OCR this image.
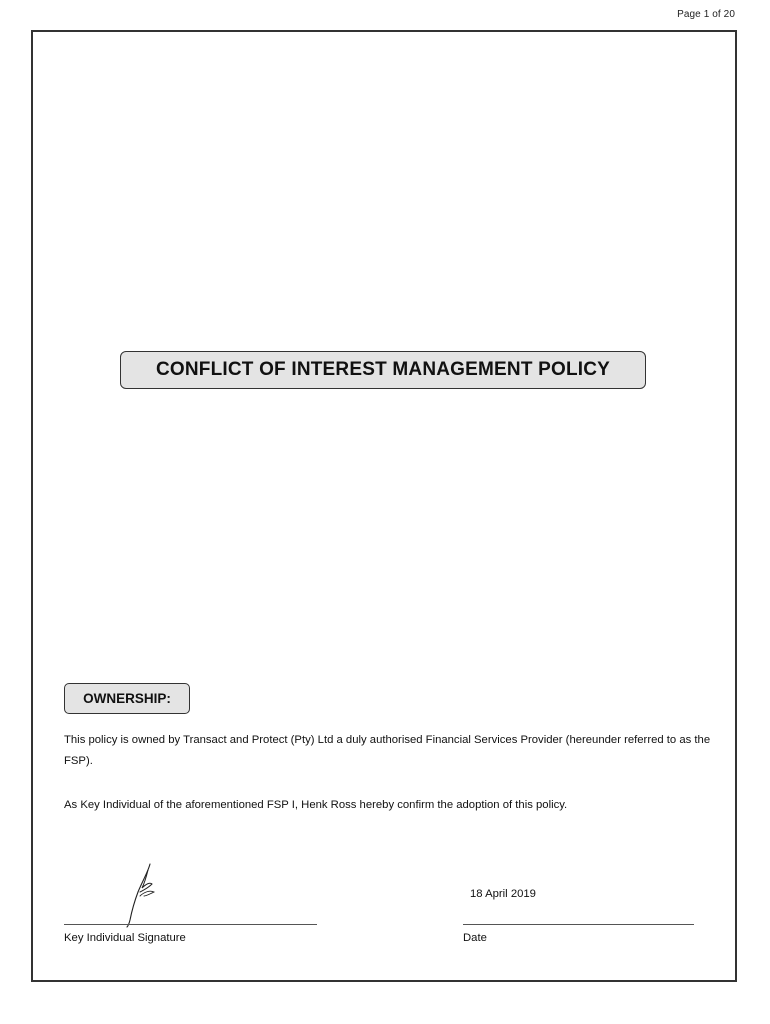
Page 1 of 20
CONFLICT OF INTEREST MANAGEMENT POLICY
OWNERSHIP:
This policy is owned by Transact and Protect (Pty) Ltd a duly authorised Financial Services Provider (hereunder referred to as the FSP).
As Key Individual of the aforementioned FSP I, Henk Ross hereby confirm the adoption of this policy.
18 April 2019
Key Individual Signature	Date
